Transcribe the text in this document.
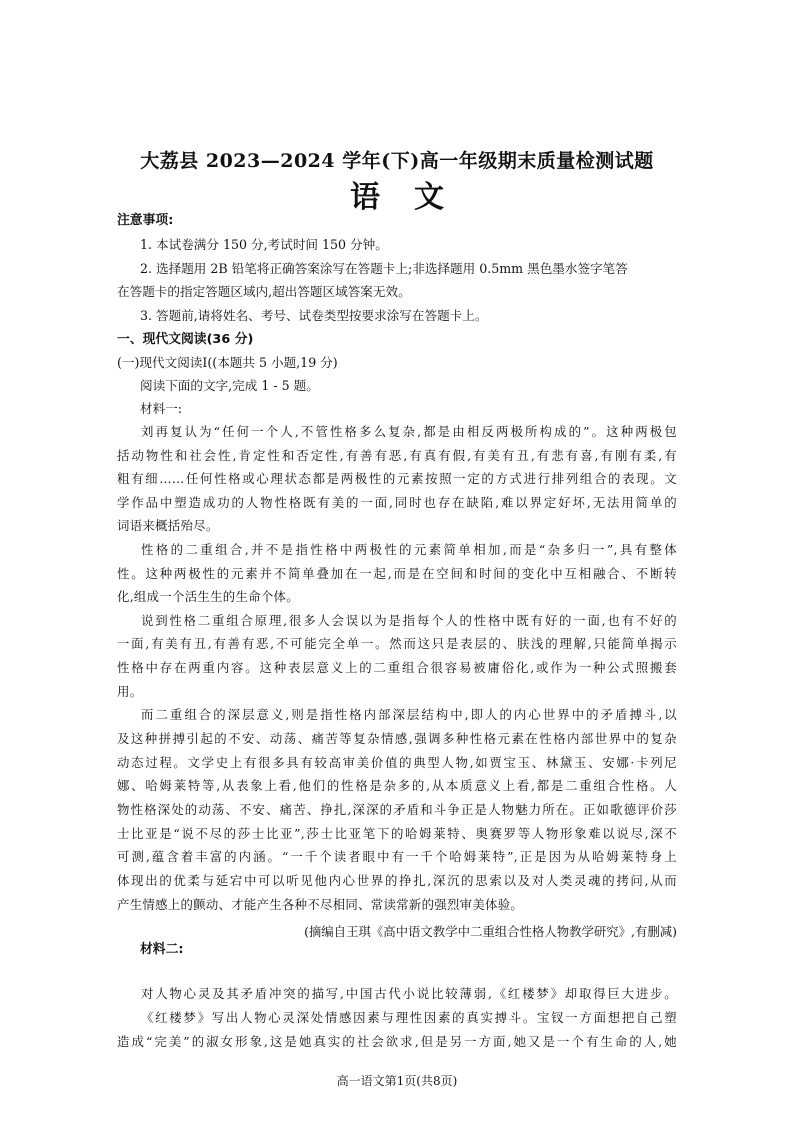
大荔县 2023—2024 学年(下)高一年级期末质量检测试题
语文
注意事项:
1. 本试卷满分 150 分,考试时间 150 分钟。
2. 选择题用 2B 铅笔将正确答案涂写在答题卡上;非选择题用 0.5mm 黑色墨水签字笔答
在答题卡的指定答题区域内,超出答题区域答案无效。
3. 答题前,请将姓名、考号、试卷类型按要求涂写在答题卡上。
一、现代文阅读(36 分)
(一)现代文阅读Ⅰ((本题共 5 小题,19 分)
阅读下面的文字,完成 1 - 5 题。
材料一:
刘再复认为“任何一个人,不管性格多么复杂,都是由相反两极所构成的”。这种两极包
括动物性和社会性,肯定性和否定性,有善有恶,有真有假,有美有丑,有悲有喜,有刚有柔,有
粗有细……任何性格或心理状态都是两极性的元素按照一定的方式进行排列组合的表现。文
学作品中塑造成功的人物性格既有美的一面,同时也存在缺陷,难以界定好坏,无法用简单的
词语来概括殆尽。
性格的二重组合,并不是指性格中两极性的元素简单相加,而是“杂多归一”,具有整体
性。这种两极性的元素并不简单叠加在一起,而是在空间和时间的变化中互相融合、不断转
化,组成一个活生生的生命个体。
说到性格二重组合原理,很多人会误以为是指每个人的性格中既有好的一面,也有不好的
一面,有美有丑,有善有恶,不可能完全单一。然而这只是表层的、肤浅的理解,只能简单揭示
性格中存在两重内容。这种表层意义上的二重组合很容易被庸俗化,或作为一种公式照搬套
用。
而二重组合的深层意义,则是指性格内部深层结构中,即人的内心世界中的矛盾搏斗,以
及这种拼搏引起的不安、动荡、痛苦等复杂情感,强调多种性格元素在性格内部世界中的复杂
动态过程。文学史上有很多具有较高审美价值的典型人物,如贾宝玉、林黛玉、安娜·卡列尼
娜、哈姆莱特等,从表象上看,他们的性格是杂多的,从本质意义上看,都是二重组合性格。人
物性格深处的动荡、不安、痛苦、挣扎,深深的矛盾和斗争正是人物魅力所在。正如歌德评价莎
士比亚是“说不尽的莎士比亚”,莎士比亚笔下的哈姆莱特、奥赛罗等人物形象难以说尽,深不
可测,蕴含着丰富的内涵。“一千个读者眼中有一千个哈姆莱特”,正是因为从哈姆莱特身上
体现出的优柔与延宕中可以听见他内心世界的挣扎,深沉的思索以及对人类灵魂的拷问,从而
产生情感上的颤动、才能产生各种不尽相同、常读常新的强烈审美体验。
(摘编自王琪《高中语文教学中二重组合性格人物教学研究》,有删减)
材料二:
高一语文第1页(共8页)
对人物心灵及其矛盾冲突的描写,中国古代小说比较薄弱,《红楼梦》却取得巨大进步。
《红楼梦》写出人物心灵深处情感因素与理性因素的真实搏斗。宝钗一方面想把自己塑
造成“完美”的淑女形象,这是她真实的社会欲求,但是另一方面,她又是一个有生命的人,她
